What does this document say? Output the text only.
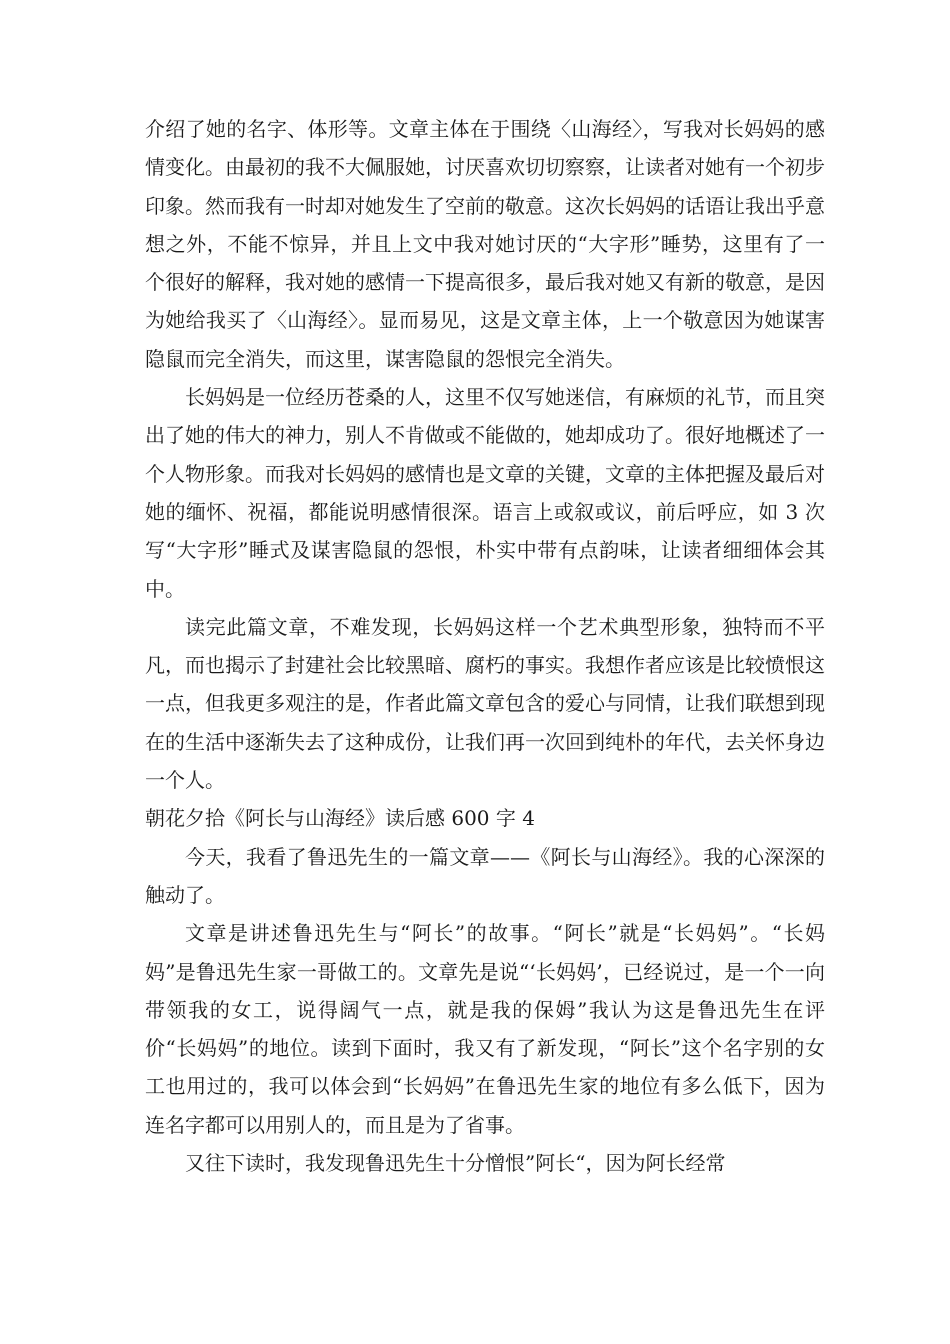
介绍了她的名字、体形等。文章主体在于围绕〈山海经〉，写我对长妈妈的感情变化。由最初的我不大佩服她，讨厌喜欢切切察察，让读者对她有一个初步印象。然而我有一时却对她发生了空前的敬意。这次长妈妈的话语让我出乎意想之外，不能不惊异，并且上文中我对她讨厌的“大字形”睡势，这里有了一个很好的解释，我对她的感情一下提高很多，最后我对她又有新的敬意，是因为她给我买了〈山海经〉。显而易见，这是文章主体，上一个敬意因为她谋害隐鼠而完全消失，而这里，谋害隐鼠的怨恨完全消失。

长妈妈是一位经历苍桑的人，这里不仅写她迷信，有麻烦的礼节，而且突出了她的伟大的神力，别人不肯做或不能做的，她却成功了。很好地概述了一个人物形象。而我对长妈妈的感情也是文章的关键，文章的主体把握及最后对她的缅怀、祝福，都能说明感情很深。语言上或叙或议，前后呼应，如 3 次写“大字形”睡式及谋害隐鼠的怨恨，朴实中带有点韵味，让读者细细体会其中。

读完此篇文章，不难发现，长妈妈这样一个艺术典型形象，独特而不平凡，而也揭示了封建社会比较黑暗、腐朽的事实。我想作者应该是比较愤恨这一点，但我更多观注的是，作者此篇文章包含的爱心与同情，让我们联想到现在的生活中逐渐失去了这种成份，让我们再一次回到纯朴的年代，去关怀身边一个人。

朝花夕拾《阿长与山海经》读后感 600 字 4

今天，我看了鲁迅先生的一篇文章——《阿长与山海经》。我的心深深的触动了。

文章是讲述鲁迅先生与“阿长”的故事。“阿长”就是“长妈妈”。“长妈妈”是鲁迅先生家一哥做工的。文章先是说“‘长妈妈’，已经说过，是一个一向带领我的女工，说得阔气一点，就是我的保姆”我认为这是鲁迅先生在评价“长妈妈”的地位。读到下面时，我又有了新发现，“阿长”这个名字别的女工也用过的，我可以体会到“长妈妈”在鲁迅先生家的地位有多么低下，因为连名字都可以用别人的，而且是为了省事。

又往下读时，我发现鲁迅先生十分憎恨”阿长“，因为阿长经常
